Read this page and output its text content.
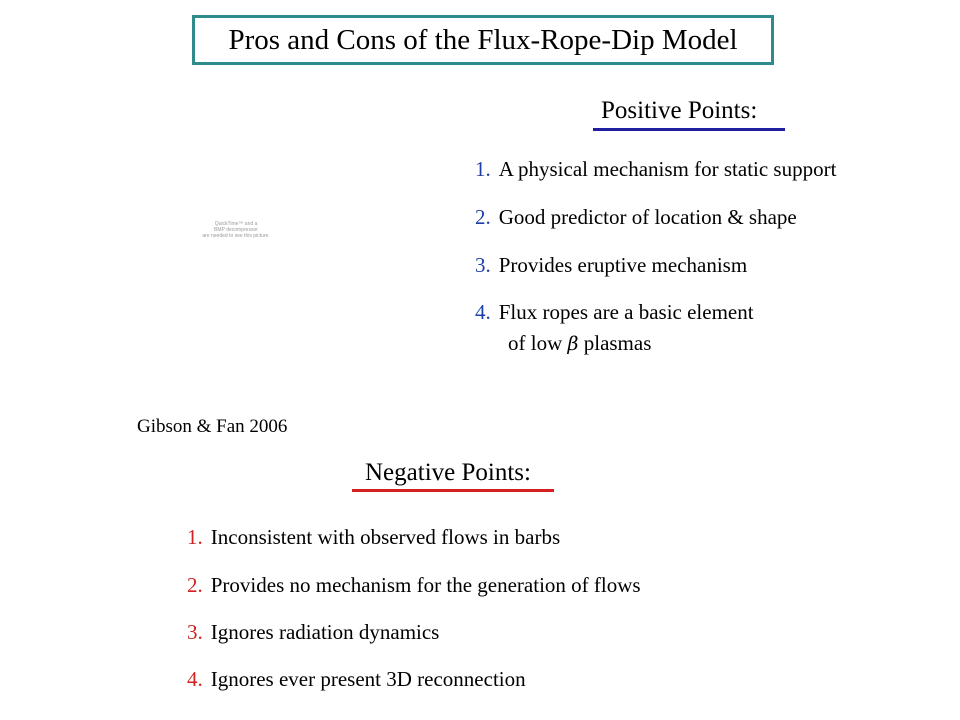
Pros and Cons of the Flux-Rope-Dip Model
QuickTime™ and a
BMP decompressor
are needed to see this picture.
Gibson & Fan 2006
Positive Points:
1. A physical mechanism for static support
2. Good predictor of location & shape
3. Provides eruptive mechanism
4. Flux ropes are a basic element
of low β plasmas
Negative Points:
1. Inconsistent with observed flows in barbs
2. Provides no mechanism for the generation of flows
3. Ignores radiation dynamics
4. Ignores ever present 3D reconnection
